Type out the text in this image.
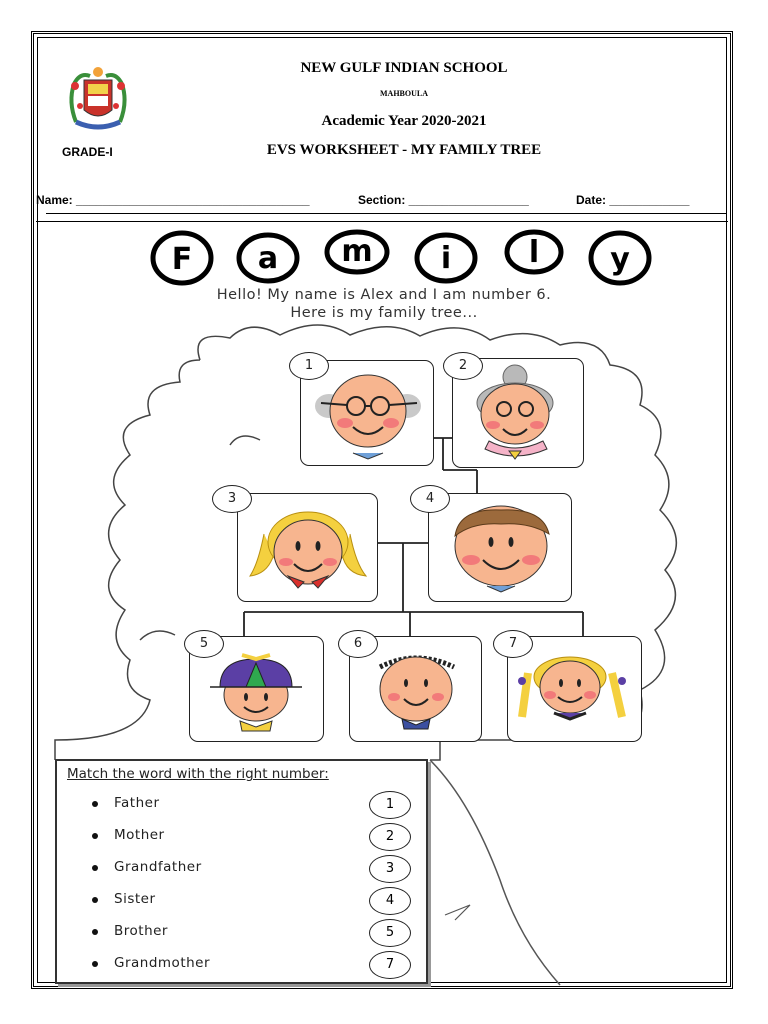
NEW GULF INDIAN SCHOOL
MAHBOULA
Academic Year 2020-2021
EVS WORKSHEET - MY FAMILY TREE
GRADE-I
Name: ___________________________________	Section: __________________	Date: ____________
F a m i	l y
Hello! My name is Alex and I am number 6.
Here is my family tree...
1	2
3	4
5	6	7
Match the word with the right number:
Father	1
Mother	2
Grandfather	3
Sister	4
Brother	5
Grandmother	7
